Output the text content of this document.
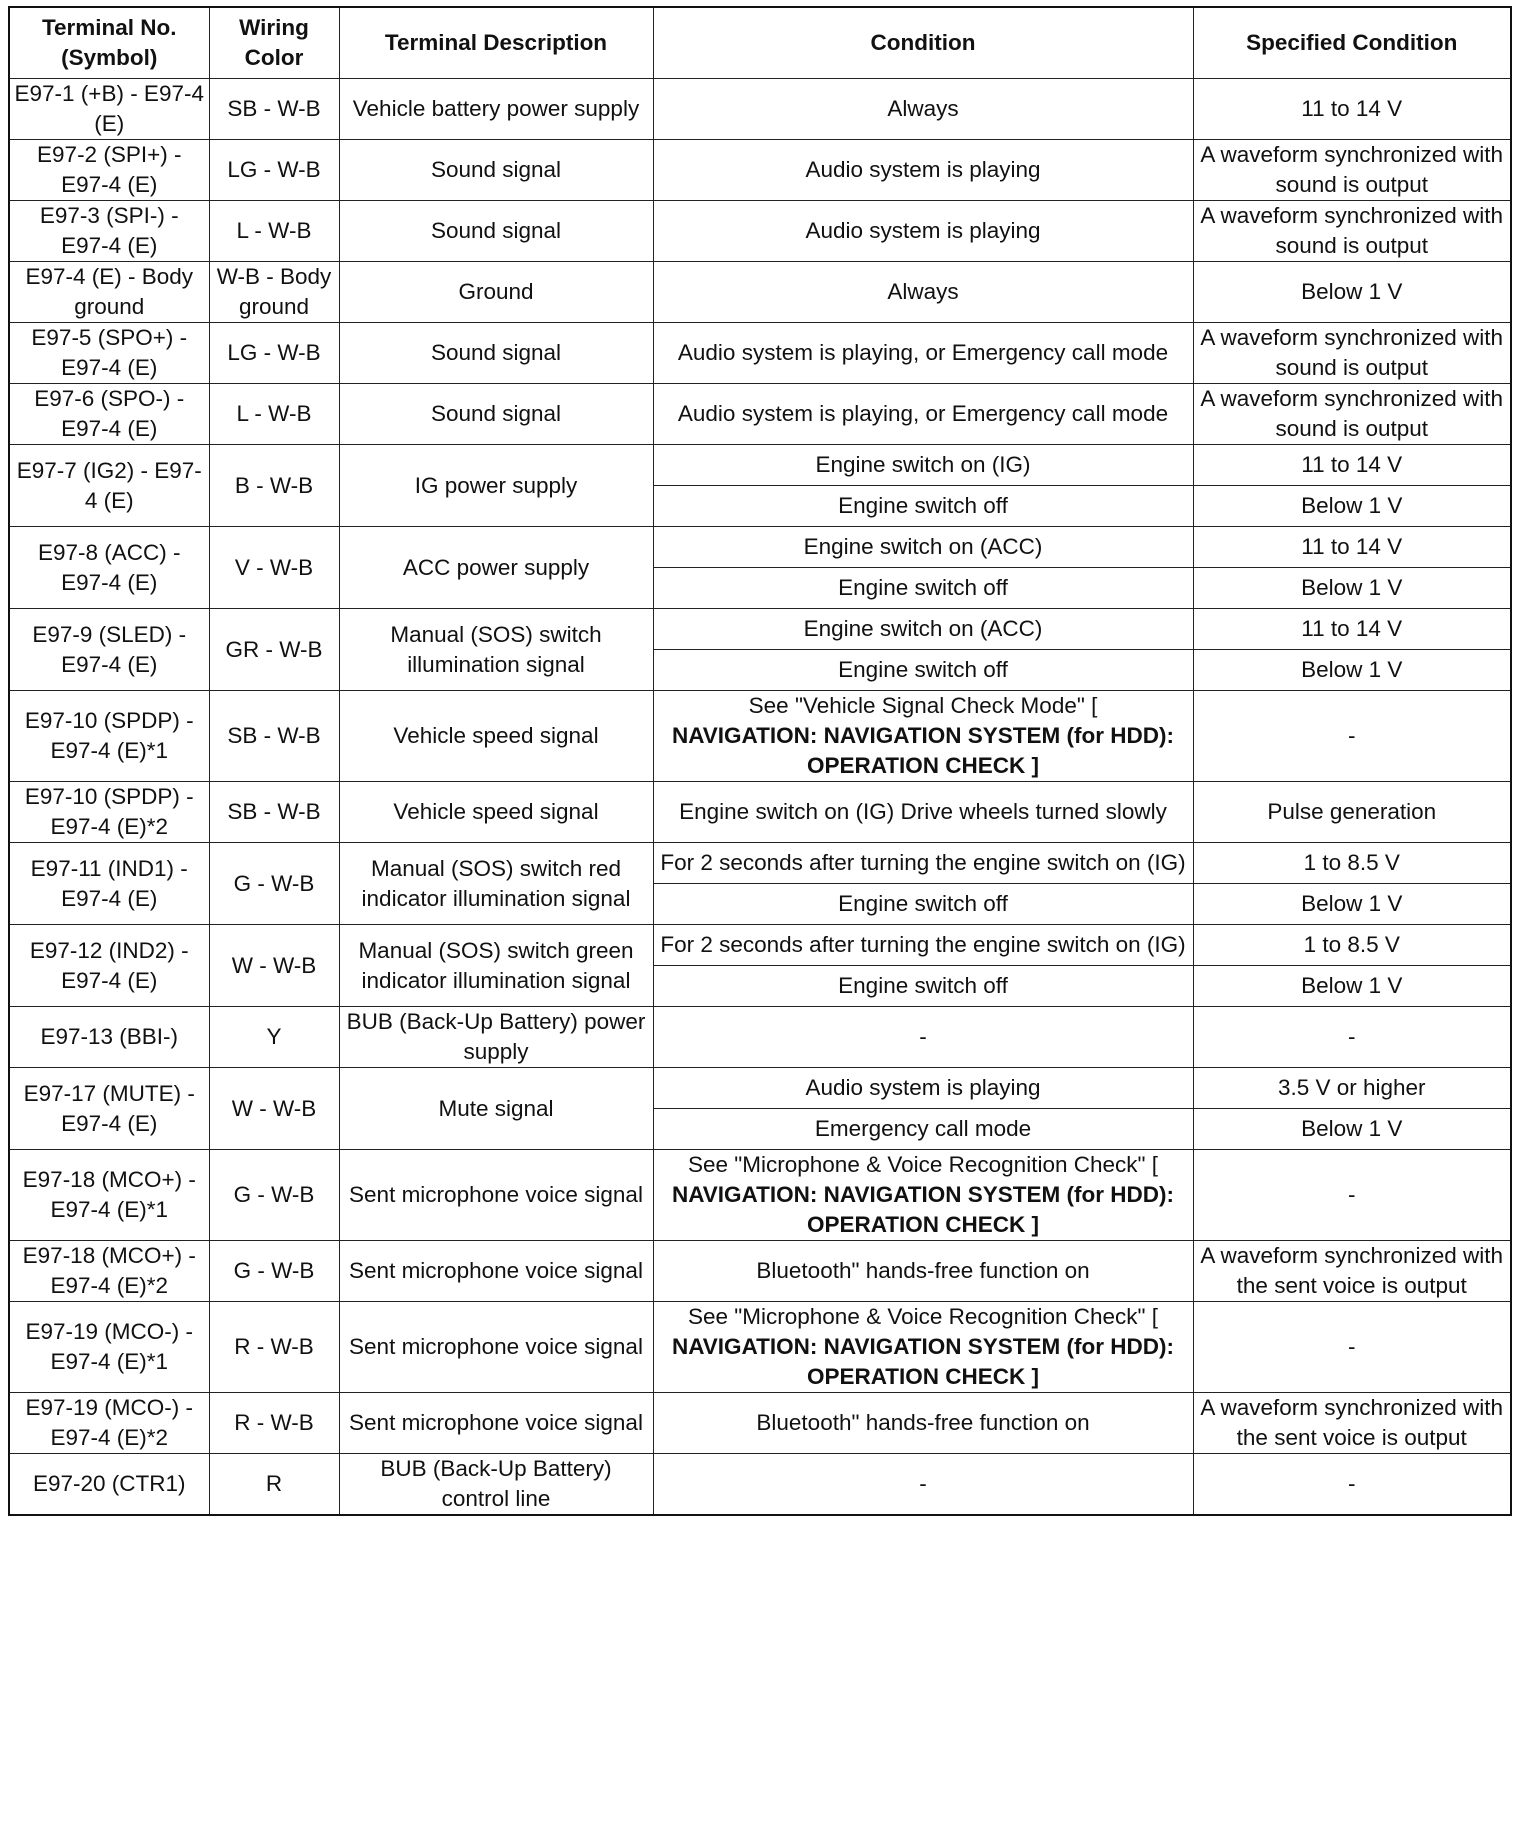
Terminal No. (Symbol)	Wiring Color	Terminal Description	Condition	Specified Condition
E97-1 (+B) - E97-4 (E)	SB - W-B	Vehicle battery power supply	Always	11 to 14 V
E97-2 (SPI+) - E97-4 (E)	LG - W-B	Sound signal	Audio system is playing	A waveform synchronized with sound is output
E97-3 (SPI-) - E97-4 (E)	L - W-B	Sound signal	Audio system is playing	A waveform synchronized with sound is output
E97-4 (E) - Body ground	W-B - Body ground	Ground	Always	Below 1 V
E97-5 (SPO+) - E97-4 (E)	LG - W-B	Sound signal	Audio system is playing, or Emergency call mode	A waveform synchronized with sound is output
E97-6 (SPO-) - E97-4 (E)	L - W-B	Sound signal	Audio system is playing, or Emergency call mode	A waveform synchronized with sound is output
E97-7 (IG2) - E97-4 (E)	B - W-B	IG power supply	Engine switch on (IG)	11 to 14 V
			Engine switch off	Below 1 V
E97-8 (ACC) - E97-4 (E)	V - W-B	ACC power supply	Engine switch on (ACC)	11 to 14 V
			Engine switch off	Below 1 V
E97-9 (SLED) - E97-4 (E)	GR - W-B	Manual (SOS) switch illumination signal	Engine switch on (ACC)	11 to 14 V
			Engine switch off	Below 1 V
E97-10 (SPDP) - E97-4 (E)*1	SB - W-B	Vehicle speed signal	See "Vehicle Signal Check Mode" [
NAVIGATION: NAVIGATION SYSTEM (for HDD): OPERATION CHECK ]	-
E97-10 (SPDP) - E97-4 (E)*2	SB - W-B	Vehicle speed signal	Engine switch on (IG) Drive wheels turned slowly	Pulse generation
E97-11 (IND1) - E97-4 (E)	G - W-B	Manual (SOS) switch red indicator illumination signal	For 2 seconds after turning the engine switch on (IG)	1 to 8.5 V
			Engine switch off	Below 1 V
E97-12 (IND2) - E97-4 (E)	W - W-B	Manual (SOS) switch green indicator illumination signal	For 2 seconds after turning the engine switch on (IG)	1 to 8.5 V
			Engine switch off	Below 1 V
E97-13 (BBI-)	Y	BUB (Back-Up Battery) power supply	-	-
E97-17 (MUTE) - E97-4 (E)	W - W-B	Mute signal	Audio system is playing	3.5 V or higher
			Emergency call mode	Below 1 V
E97-18 (MCO+) - E97-4 (E)*1	G - W-B	Sent microphone voice signal	See "Microphone & Voice Recognition Check" [
NAVIGATION: NAVIGATION SYSTEM (for HDD): OPERATION CHECK ]	-
E97-18 (MCO+) - E97-4 (E)*2	G - W-B	Sent microphone voice signal	Bluetooth" hands-free function on	A waveform synchronized with the sent voice is output
E97-19 (MCO-) - E97-4 (E)*1	R - W-B	Sent microphone voice signal	See "Microphone & Voice Recognition Check" [
NAVIGATION: NAVIGATION SYSTEM (for HDD): OPERATION CHECK ]	-
E97-19 (MCO-) - E97-4 (E)*2	R - W-B	Sent microphone voice signal	Bluetooth" hands-free function on	A waveform synchronized with the sent voice is output
E97-20 (CTR1)	R	BUB (Back-Up Battery) control line	-	-
